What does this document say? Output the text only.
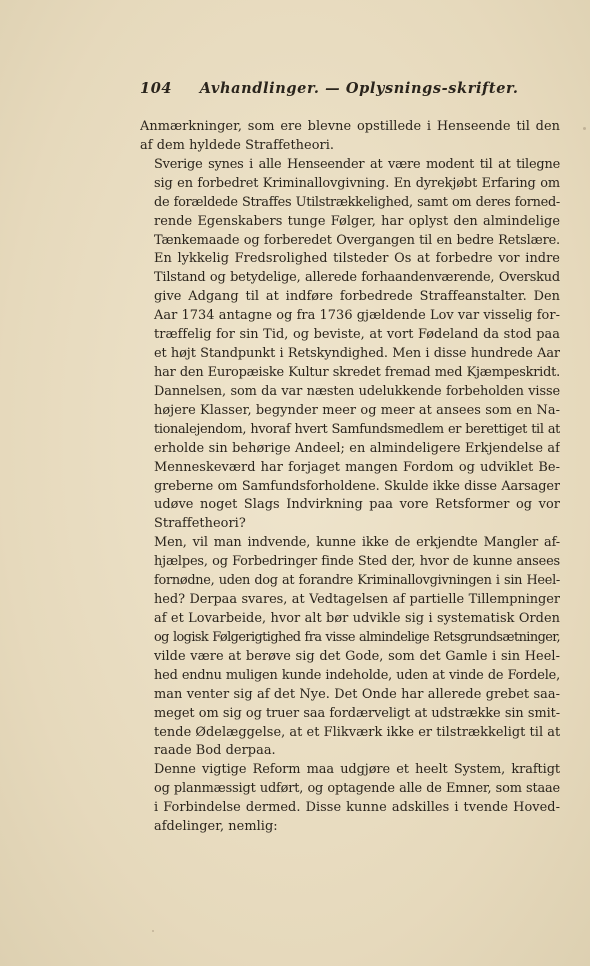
104 Avhandlinger. — Oplysnings-skrifter.
Anmærkninger, som ere blevne opstillede i Henseende til den
af dem hyldede Straffetheori.
Sverige synes i alle Henseender at være modent til at tilegne
sig en forbedret Kriminallovgivning. En dyrekjøbt Erfaring om
de forældede Straffes Utilstrækkelighed, samt om deres forned-
rende Egenskabers tunge Følger, har oplyst den almindelige
Tænkemaade og forberedet Overgangen til en bedre Retslære.
En lykkelig Fredsrolighed tilsteder Os at forbedre vor indre
Tilstand og betydelige, allerede forhaandenværende, Overskud
give Adgang til at indføre forbedrede Straffeanstalter. Den
Aar 1734 antagne og fra 1736 gjældende Lov var visselig for-
træffelig for sin Tid, og beviste, at vort Fødeland da stod paa
et højt Standpunkt i Retskyndighed. Men i disse hundrede Aar
har den Europæiske Kultur skredet fremad med Kjæmpeskridt.
Dannelsen, som da var næsten udelukkende forbeholden visse
højere Klasser, begynder meer og meer at ansees som en Na-
tionalejendom, hvoraf hvert Samfundsmedlem er berettiget til at
erholde sin behørige Andeel; en almindeligere Erkjendelse af
Menneskeværd har forjaget mangen Fordom og udviklet Be-
greberne om Samfundsforholdene. Skulde ikke disse Aarsager
udøve noget Slags Indvirkning paa vore Retsformer og vor
Straffetheori?
Men, vil man indvende, kunne ikke de erkjendte Mangler af-
hjælpes, og Forbedringer finde Sted der, hvor de kunne ansees
fornødne, uden dog at forandre Kriminallovgivningen i sin Heel-
hed? Derpaa svares, at Vedtagelsen af partielle Tillempninger
af et Lovarbeide, hvor alt bør udvikle sig i systematisk Orden
og logisk Følgerigtighed fra visse almindelige Retsgrundsætninger,
vilde være at berøve sig det Gode, som det Gamle i sin Heel-
hed endnu muligen kunde indeholde, uden at vinde de Fordele,
man venter sig af det Nye. Det Onde har allerede grebet saa-
meget om sig og truer saa fordærveligt at udstrække sin smit-
tende Ødelæggelse, at et Flikværk ikke er tilstrækkeligt til at
raade Bod derpaa.
Denne vigtige Reform maa udgjøre et heelt System, kraftigt
og planmæssigt udført, og optagende alle de Emner, som staae
i Forbindelse dermed. Disse kunne adskilles i tvende Hoved-
afdelinger, nemlig:
